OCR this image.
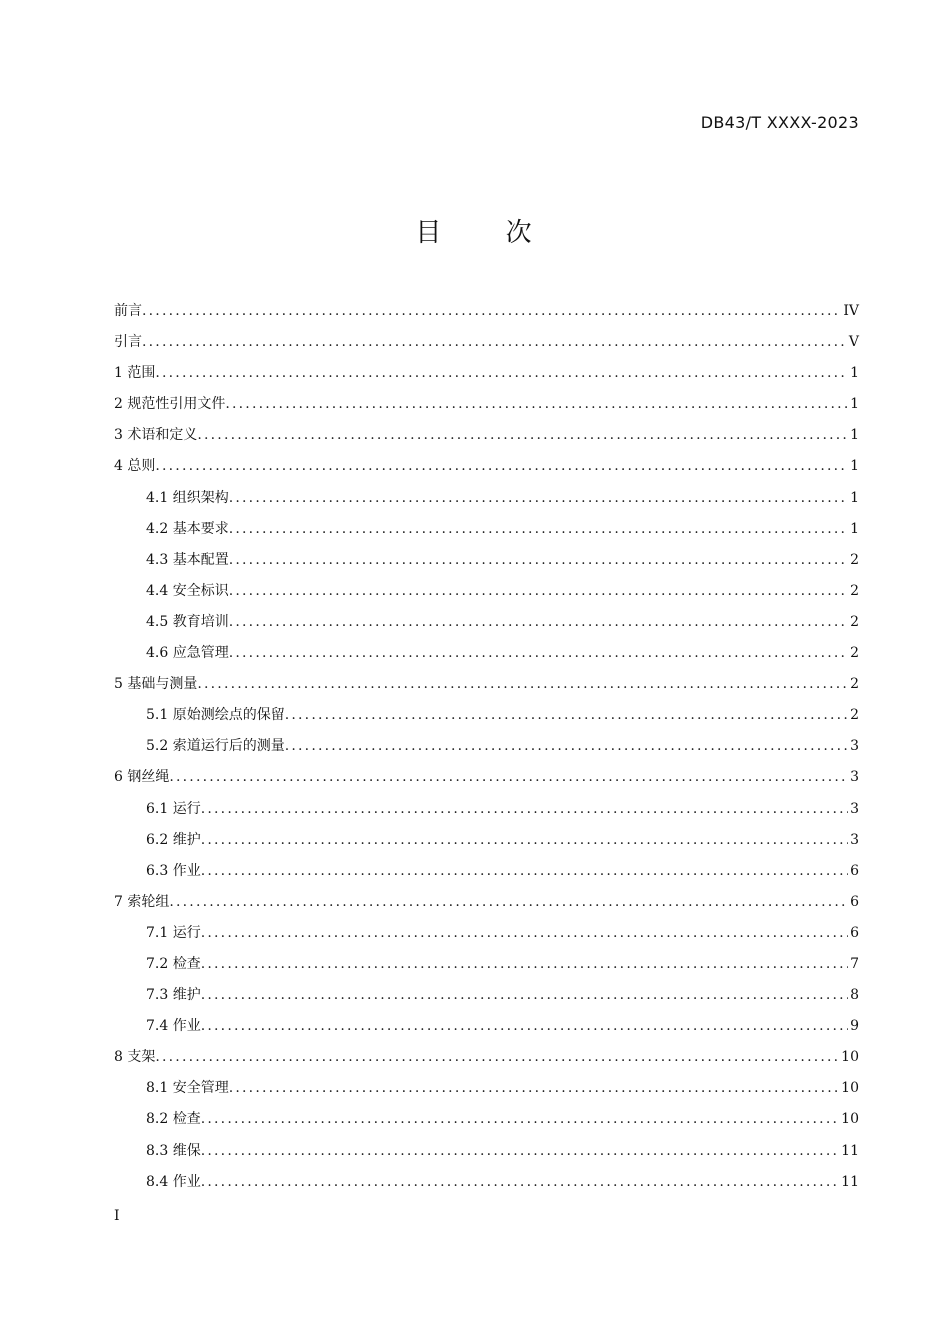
DB43/T XXXX-2023
目 次
前言 .....	IV
引言 .....	V
1 范围 .....	1
2 规范性引用文件 .....	1
3 术语和定义 .....	1
4 总则 .....	1
4.1 组织架构 .....	1
4.2 基本要求 .....	1
4.3 基本配置 .....	2
4.4 安全标识 .....	2
4.5 教育培训 .....	2
4.6 应急管理 .....	2
5 基础与测量 .....	2
5.1 原始测绘点的保留 .....	2
5.2 索道运行后的测量 .....	3
6 钢丝绳 .....	3
6.1 运行 .....	3
6.2 维护 .....	3
6.3 作业 .....	6
7 索轮组 .....	6
7.1 运行 .....	6
7.2 检查 .....	7
7.3 维护 .....	8
7.4 作业 .....	9
8 支架 .....	10
8.1 安全管理 .....	10
8.2 检查 .....	10
8.3 维保 .....	11
8.4 作业 .....	11
I
